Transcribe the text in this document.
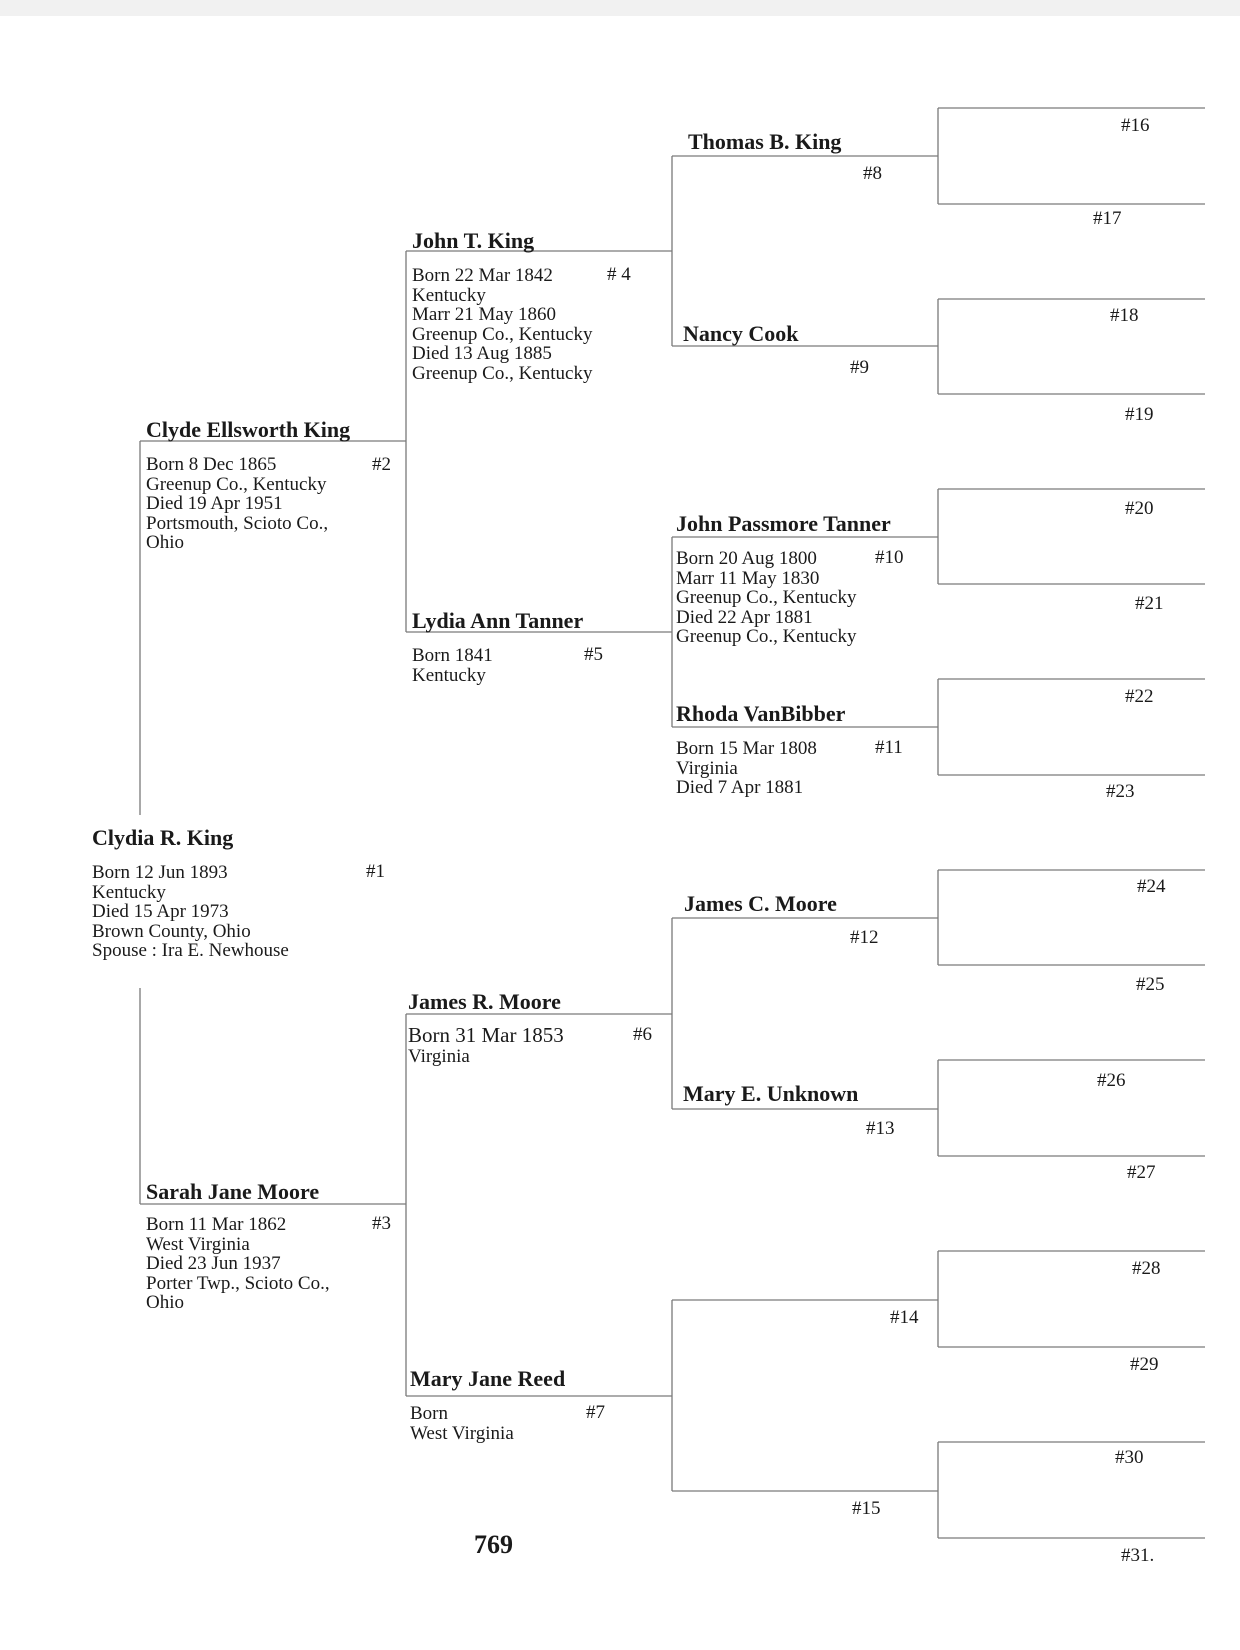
Clydia R. King
#1
Born 12 Jun 1893
Kentucky
Died 15 Apr 1973
Brown County, Ohio
Spouse : Ira E. Newhouse
Clyde Ellsworth King
#2
Born 8 Dec 1865
Greenup Co., Kentucky
Died 19 Apr 1951
Portsmouth, Scioto Co.,
Ohio
Sarah Jane Moore
#3
Born 11 Mar 1862
West Virginia
Died 23 Jun 1937
Porter Twp., Scioto Co.,
Ohio
John T. King
# 4
Born 22 Mar 1842
Kentucky
Marr 21 May 1860
Greenup Co., Kentucky
Died 13 Aug 1885
Greenup Co., Kentucky
Lydia Ann Tanner
#5
Born 1841
Kentucky
James R. Moore
#6
Born 31 Mar 1853
Virginia
Mary Jane Reed
#7
Born
West Virginia
Thomas B. King
#8
Nancy Cook
#9
John Passmore Tanner
#10
Born 20 Aug 1800
Marr 11 May 1830
Greenup Co., Kentucky
Died 22 Apr 1881
Greenup Co., Kentucky
Rhoda VanBibber
#11
Born 15 Mar 1808
Virginia
Died 7 Apr 1881
James C. Moore
#12
Mary E. Unknown
#13
#14
#15
#16
#17
#18
#19
#20
#21
#22
#23
#24
#25
#26
#27
#28
#29
#30
#31.
769
